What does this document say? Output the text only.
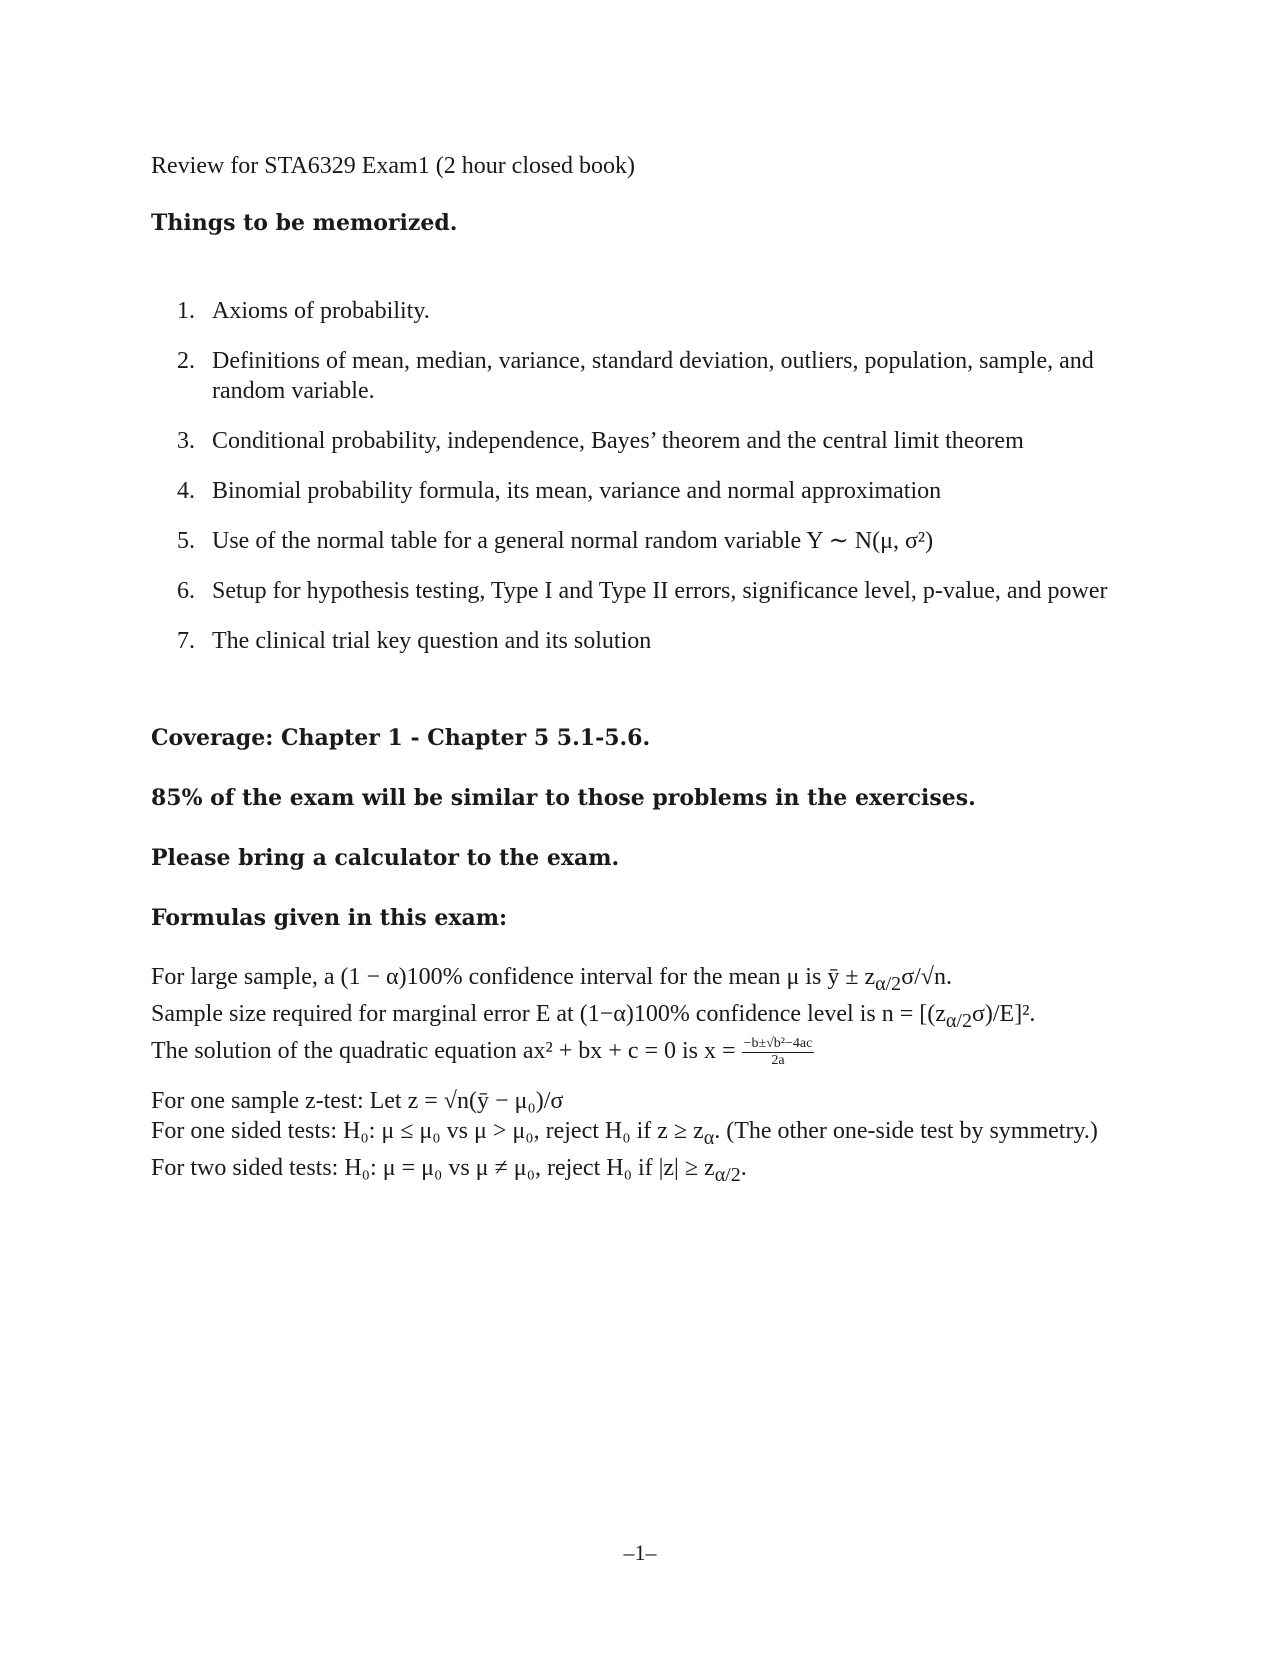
Review for STA6329 Exam1 (2 hour closed book)
Things to be memorized.
1. Axioms of probability.
2. Definitions of mean, median, variance, standard deviation, outliers, population, sample, and random variable.
3. Conditional probability, independence, Bayes’ theorem and the central limit theorem
4. Binomial probability formula, its mean, variance and normal approximation
5. Use of the normal table for a general normal random variable Y ∼ N(μ, σ²)
6. Setup for hypothesis testing, Type I and Type II errors, significance level, p-value, and power
7. The clinical trial key question and its solution
Coverage: Chapter 1 - Chapter 5 5.1-5.6.
85% of the exam will be similar to those problems in the exercises.
Please bring a calculator to the exam.
Formulas given in this exam:
For large sample, a (1 − α)100% confidence interval for the mean μ is ȳ ± $z_{\alpha/2}\sigma/√n$.
Sample size required for marginal error E at (1−α)100% confidence level is $n = [(z_{\alpha/2}\sigma)/E]^2$.
The solution of the quadratic equation ax² + bx + c = 0 is $x = \frac{\text{−b±√b²−4ac}}{2a}$
For one sample z-test: Let z = √n(ȳ − μ₀)/σ
For one sided tests: H₀: μ ≤ μ₀ vs μ > μ₀, reject H₀ if $z \ge z_\alpha$. (The other one-side test by symmetry.)
For two sided tests: H₀: μ = μ₀ vs μ ≠ μ₀, reject H₀ if $|z| \ge z_{\alpha/2}$.
–1–
